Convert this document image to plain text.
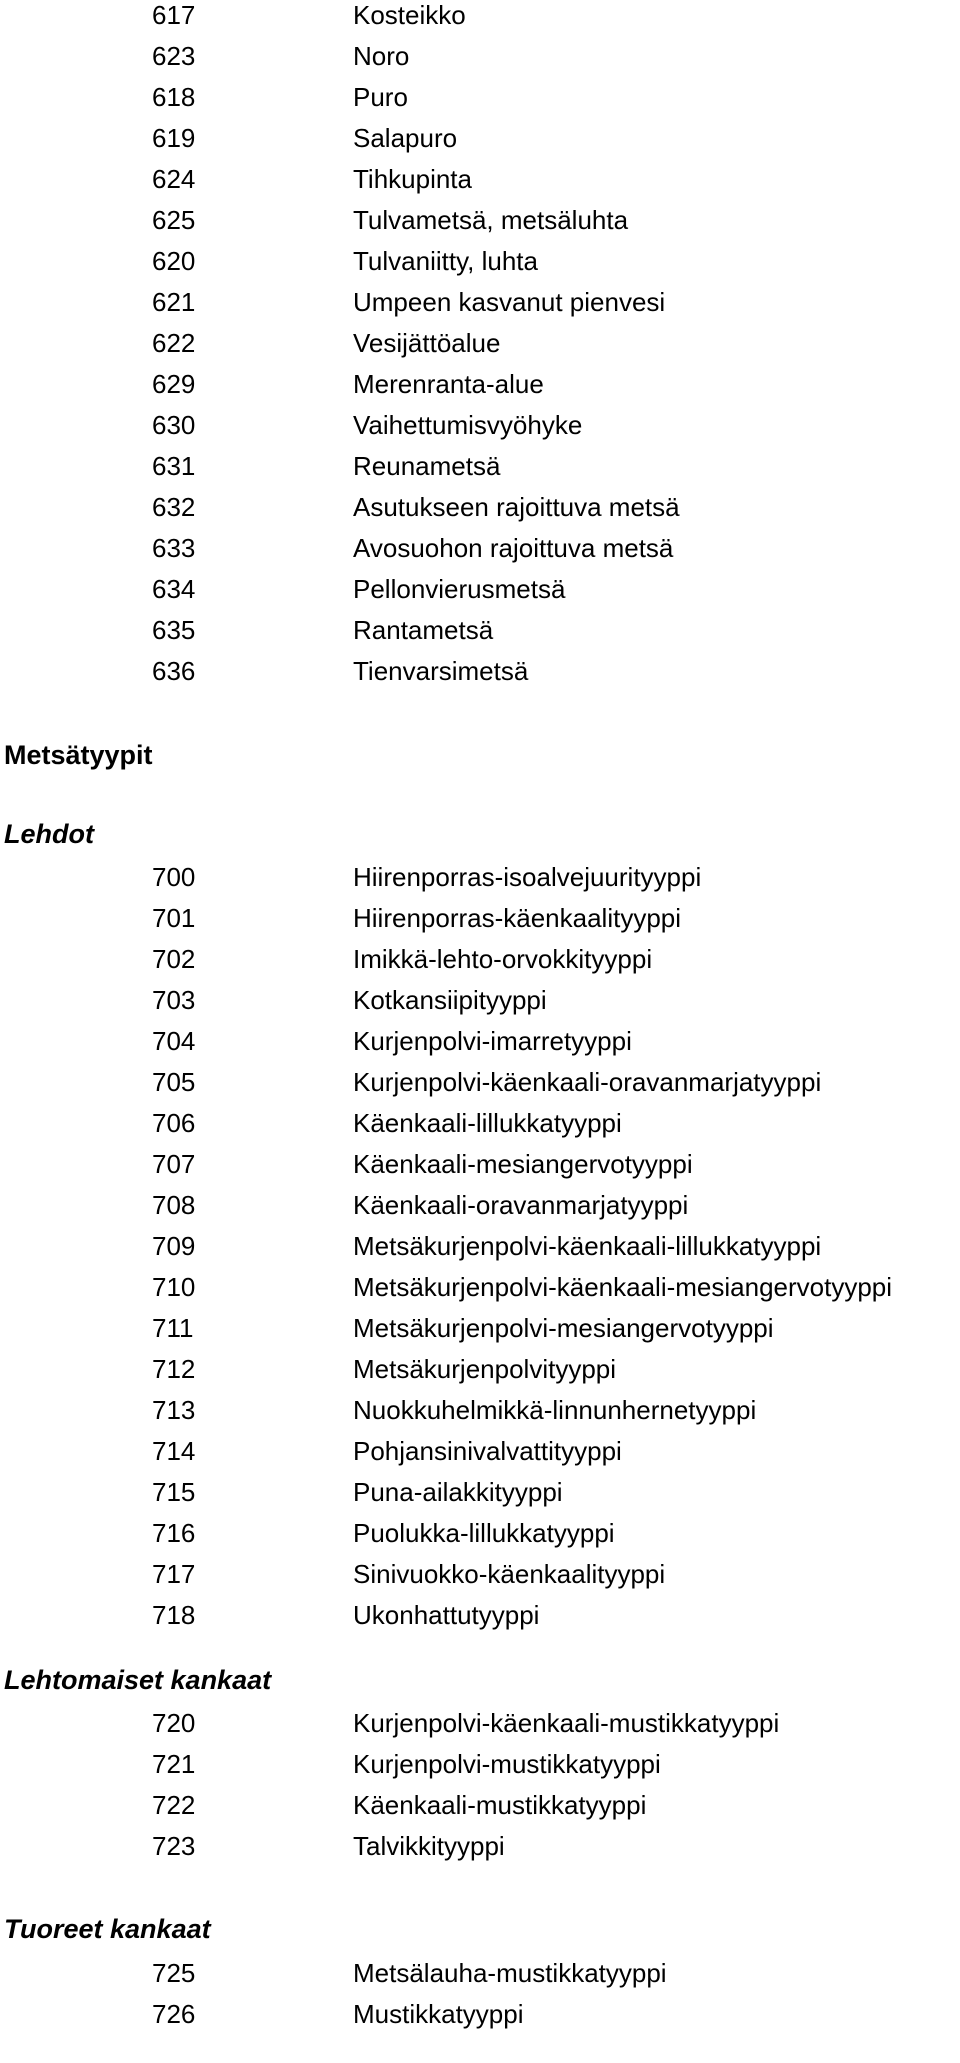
617	Kosteikko
623	Noro
618	Puro
619	Salapuro
624	Tihkupinta
625	Tulvametsä, metsäluhta
620	Tulvaniitty, luhta
621	Umpeen kasvanut pienvesi
622	Vesijättöalue
629	Merenranta-alue
630	Vaihettumisvyöhyke
631	Reunametsä
632	Asutukseen rajoittuva metsä
633	Avosuohon rajoittuva metsä
634	Pellonvierusmetsä
635	Rantametsä
636	Tienvarsimetsä
Metsätyypit
Lehdot
700	Hiirenporras-isoalvejuurityyppi
701	Hiirenporras-käenkaalityyppi
702	Imikkä-lehto-orvokkityyppi
703	Kotkansiipityyppi
704	Kurjenpolvi-imarretyyppi
705	Kurjenpolvi-käenkaali-oravanmarjatyyppi
706	Käenkaali-lillukkatyyppi
707	Käenkaali-mesiangervotyyppi
708	Käenkaali-oravanmarjatyyppi
709	Metsäkurjenpolvi-käenkaali-lillukkatyyppi
710	Metsäkurjenpolvi-käenkaali-mesiangervotyyppi
711	Metsäkurjenpolvi-mesiangervotyyppi
712	Metsäkurjenpolvityyppi
713	Nuokkuhelmikkä-linnunhernetyyppi
714	Pohjansinivalvattityyppi
715	Puna-ailakkityyppi
716	Puolukka-lillukkatyyppi
717	Sinivuokko-käenkaalityyppi
718	Ukonhattutyyppi
Lehtomaiset kankaat
720	Kurjenpolvi-käenkaali-mustikkatyyppi
721	Kurjenpolvi-mustikkatyyppi
722	Käenkaali-mustikkatyyppi
723	Talvikkityyppi
Tuoreet kankaat
725	Metsälauha-mustikkatyyppi
726	Mustikkatyyppi
